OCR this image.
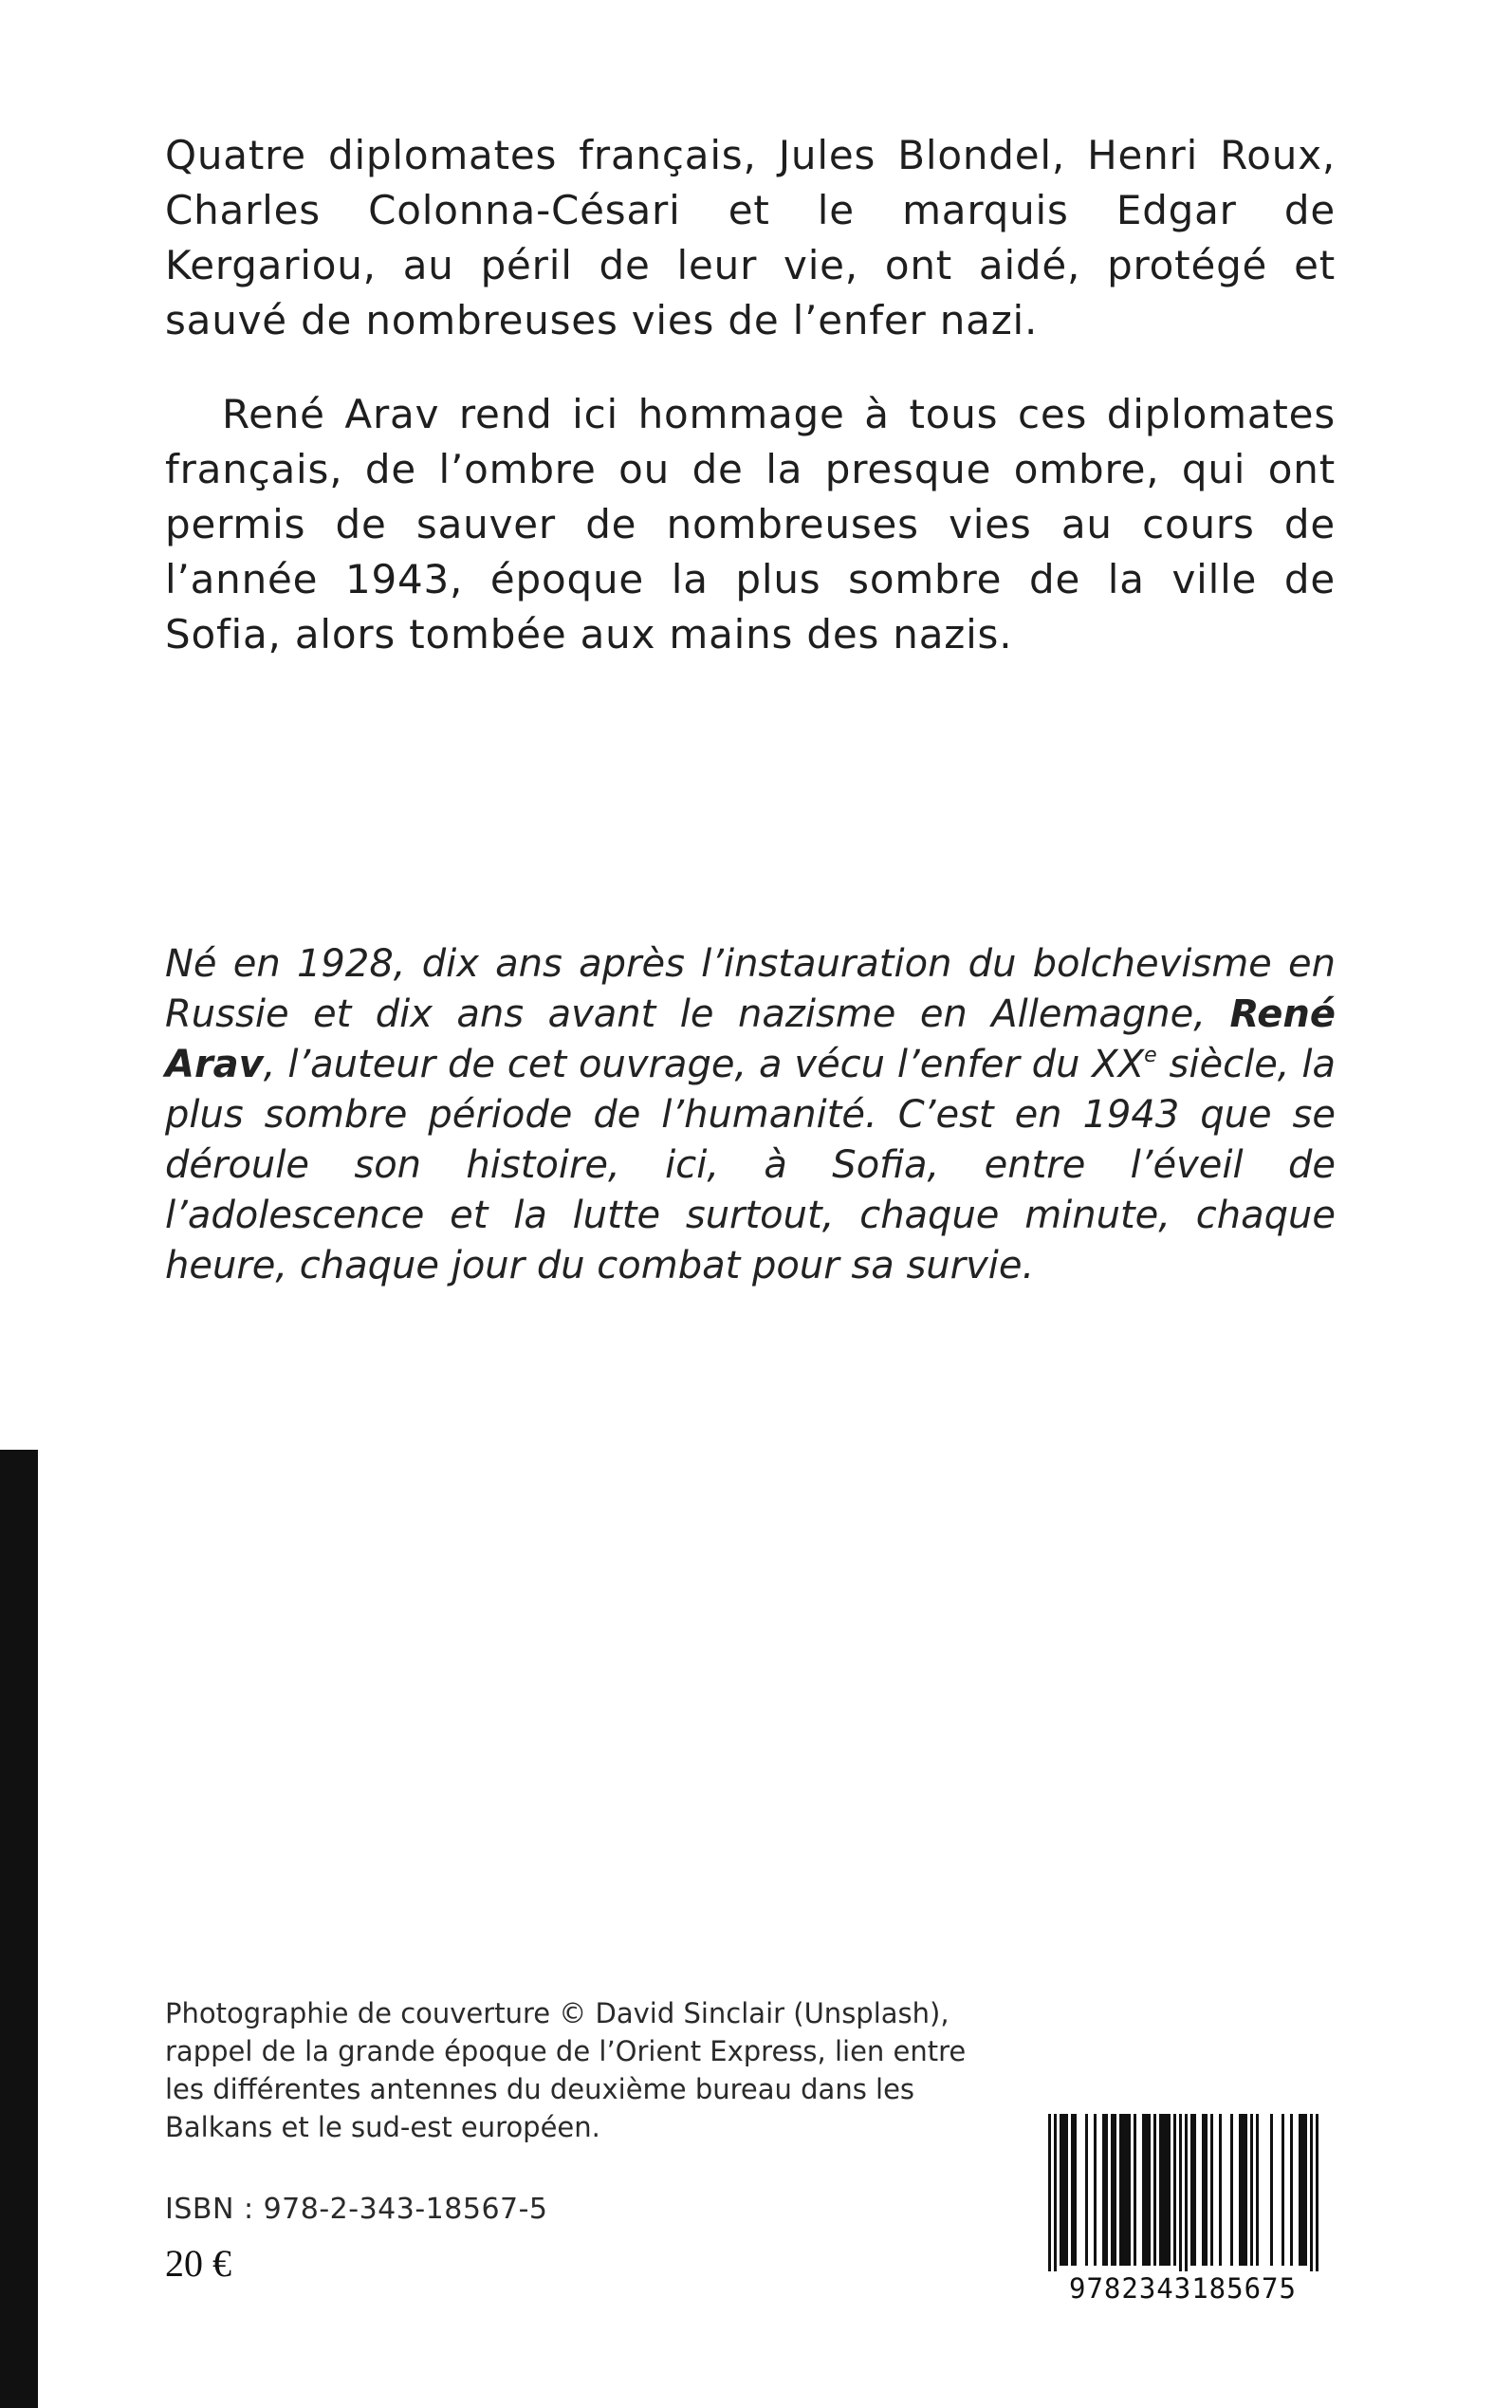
Quatre diplomates français, Jules Blondel, Henri Roux, Charles Colonna-Césari et le marquis Edgar de Kergariou, au péril de leur vie, ont aidé, protégé et sauvé de nombreuses vies de l’enfer nazi.

René Arav rend ici hommage à tous ces diplomates français, de l’ombre ou de la presque ombre, qui ont permis de sauver de nombreuses vies au cours de l’année 1943, époque la plus sombre de la ville de Sofia, alors tombée aux mains des nazis.

Né en 1928, dix ans après l’instauration du bolchevisme en Russie et dix ans avant le nazisme en Allemagne, René Arav, l’auteur de cet ouvrage, a vécu l’enfer du XXe siècle, la plus sombre période de l’humanité. C’est en 1943 que se déroule son histoire, ici, à Sofia, entre l’éveil de l’adolescence et la lutte surtout, chaque minute, chaque heure, chaque jour du combat pour sa survie.

Photographie de couverture © David Sinclair (Unsplash), rappel de la grande époque de l’Orient Express, lien entre les différentes antennes du deuxième bureau dans les Balkans et le sud-est européen.

ISBN : 978-2-343-18567-5

20 €

9782343185675
